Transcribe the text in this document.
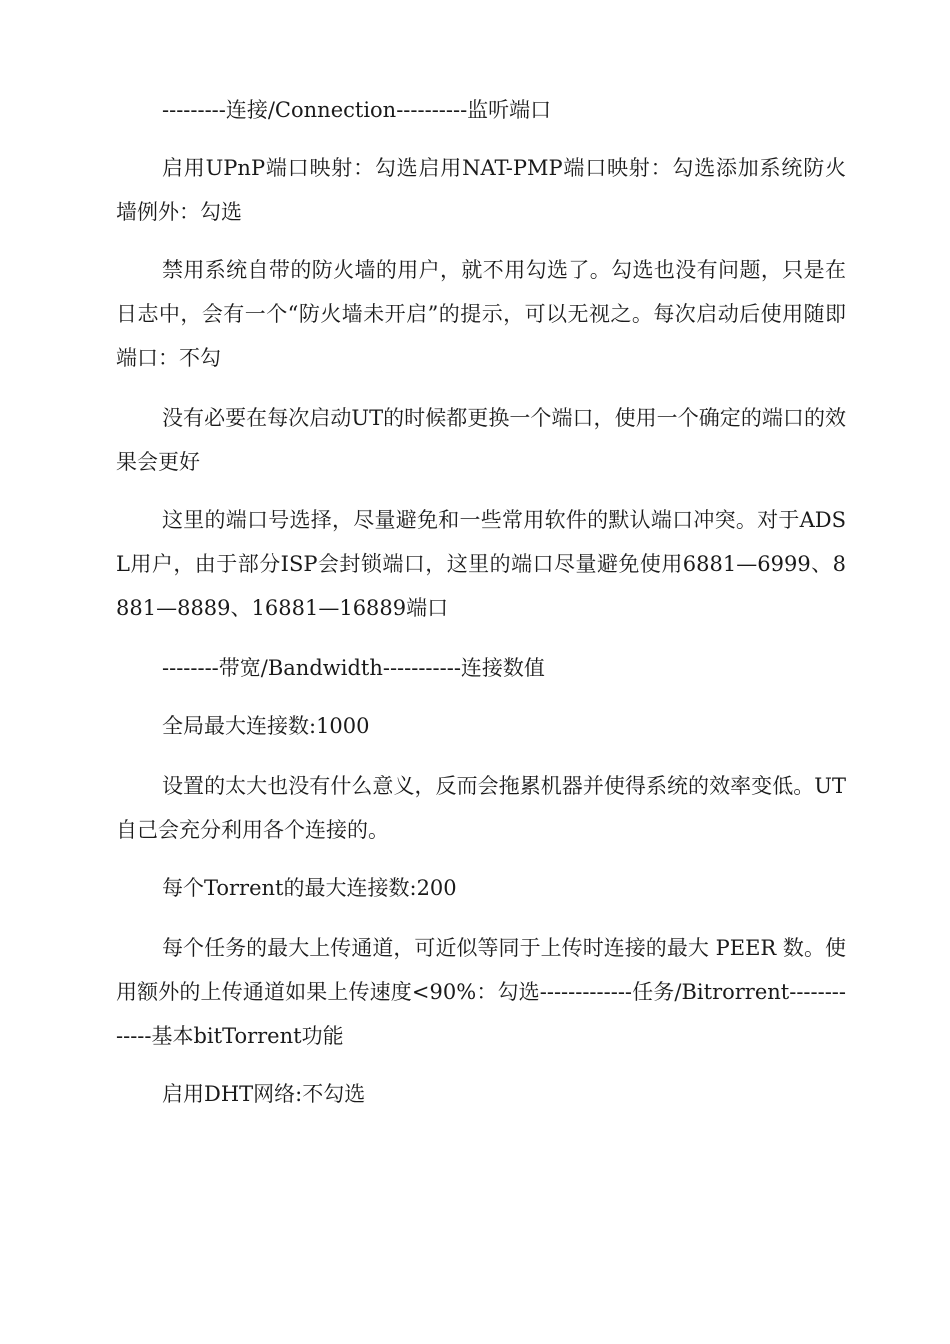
---------连接/Connection----------监听端口

启用UPnP端口映射：勾选启用NAT-PMP端口映射：勾选添加系统防火墙例外：勾选

禁用系统自带的防火墙的用户，就不用勾选了。勾选也没有问题，只是在日志中，会有一个“防火墙未开启”的提示，可以无视之。每次启动后使用随即端口：不勾

没有必要在每次启动UT的时候都更换一个端口，使用一个确定的端口的效果会更好

这里的端口号选择，尽量避免和一些常用软件的默认端口冲突。对于ADSL用户，由于部分ISP会封锁端口，这里的端口尽量避免使用6881—6999、8881—8889、16881—16889端口

--------带宽/Bandwidth-----------连接数值

全局最大连接数:1000

设置的太大也没有什么意义，反而会拖累机器并使得系统的效率变低。UT自己会充分利用各个连接的。

每个Torrent的最大连接数:200

每个任务的最大上传通道，可近似等同于上传时连接的最大 PEER 数。使用额外的上传通道如果上传速度<90%：勾选-------------任务/Bitrorrent-------------基本bitTorrent功能

启用DHT网络:不勾选
